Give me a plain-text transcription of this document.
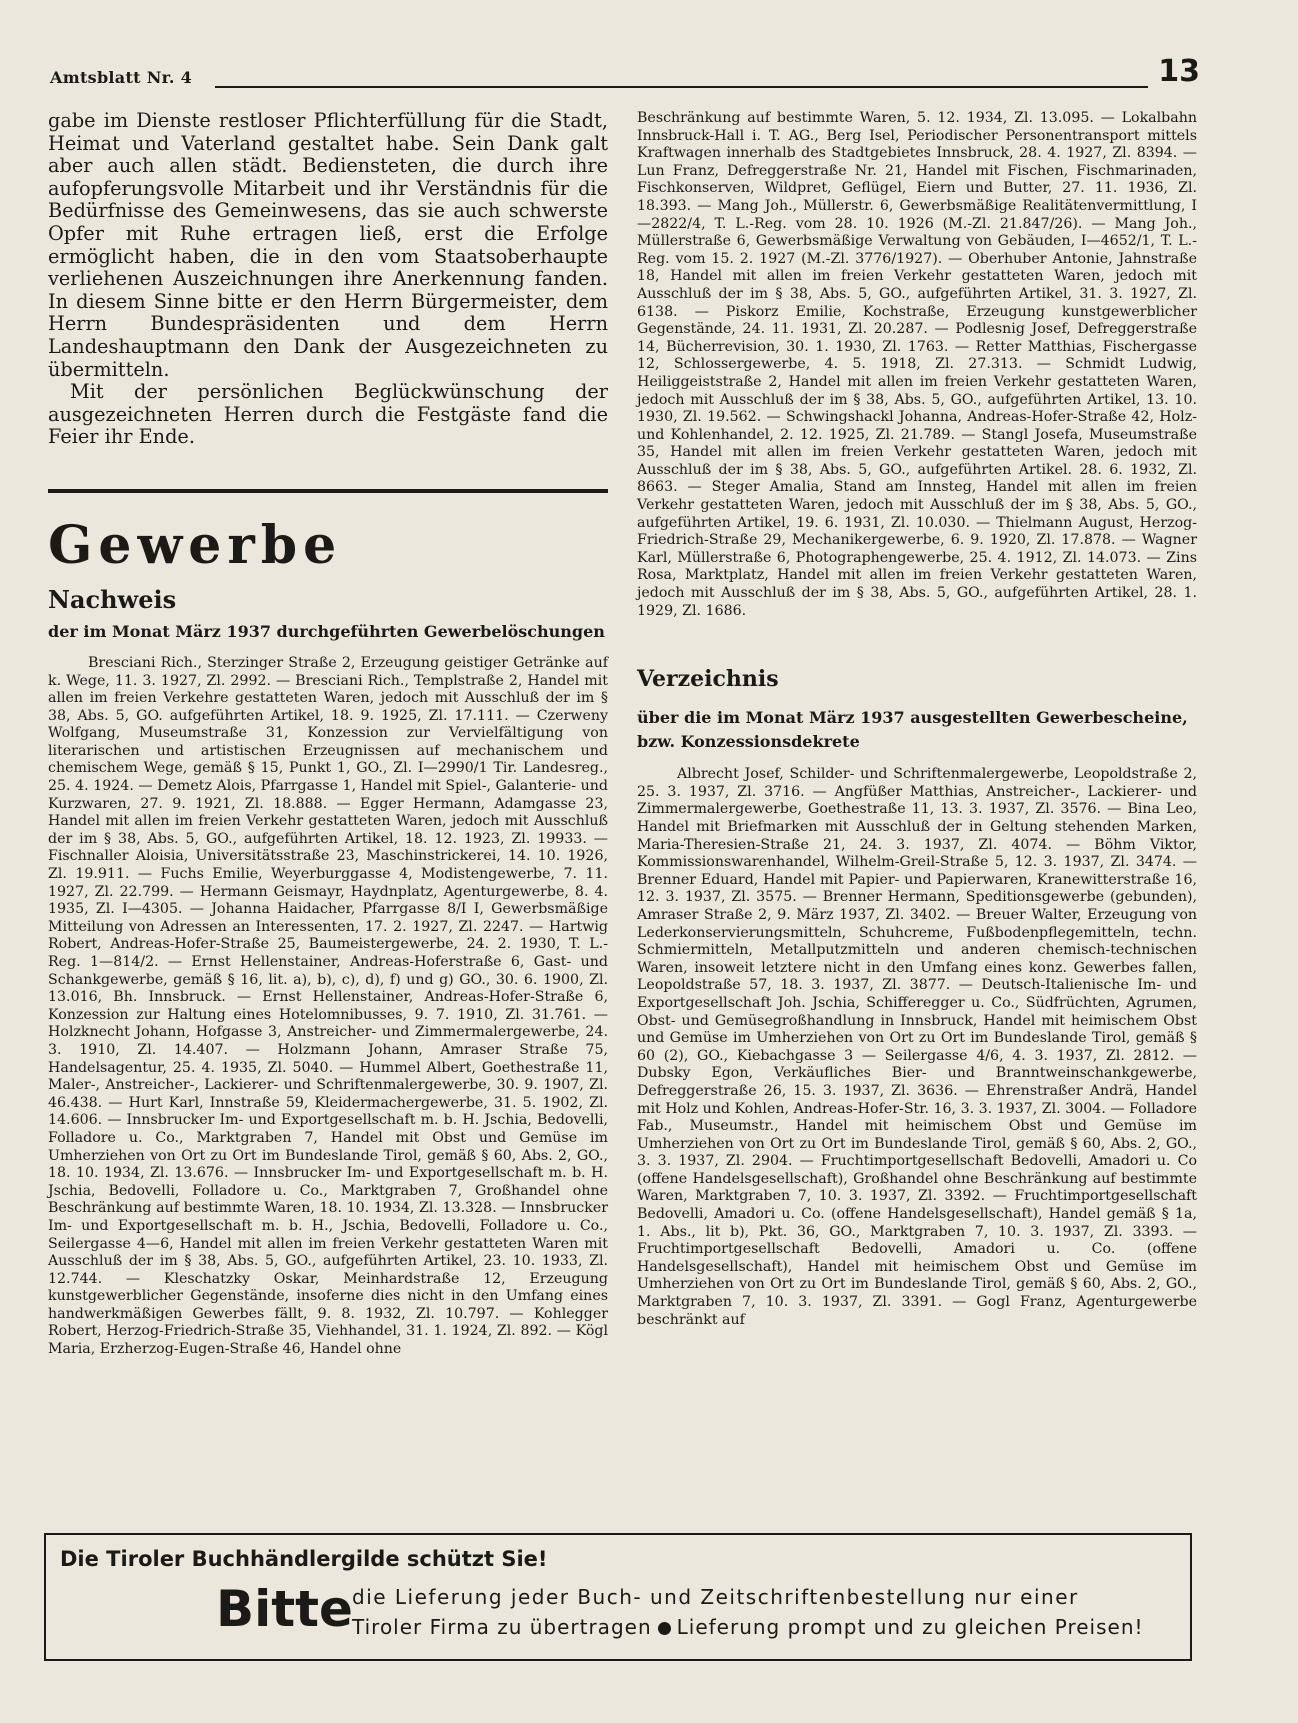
Amtsblatt Nr. 4	13

gabe im Dienste restloser Pflichterfüllung für die Stadt, Heimat und Vaterland gestaltet habe. Sein Dank galt aber auch allen städt. Bediensteten, die durch ihre aufopferungsvolle Mitarbeit und ihr Verständnis für die Bedürfnisse des Gemeinwesens, das sie auch schwerste Opfer mit Ruhe ertragen ließ, erst die Erfolge ermöglicht haben, die in den vom Staatsoberhaupte verliehenen Auszeichnungen ihre Anerkennung fanden. In diesem Sinne bitte er den Herrn Bürgermeister, dem Herrn Bundespräsidenten und dem Herrn Landeshauptmann den Dank der Ausgezeichneten zu übermitteln.

Mit der persönlichen Beglückwünschung der ausgezeichneten Herren durch die Festgäste fand die Feier ihr Ende.

Gewerbe
Nachweis
der im Monat März 1937 durchgeführten Gewerbelöschungen

Bresciani Rich., Sterzinger Straße 2, Erzeugung geistiger Getränke auf k. Wege, 11. 3. 1927, Zl. 2992. — Bresciani Rich., Templstraße 2, Handel mit allen im freien Verkehre gestatteten Waren, jedoch mit Ausschluß der im § 38, Abs. 5, GO. aufgeführten Artikel, 18. 9. 1925, Zl. 17.111. — Czerweny Wolfgang, Museumstraße 31, Konzession zur Vervielfältigung von literarischen und artistischen Erzeugnissen auf mechanischem und chemischem Wege, gemäß § 15, Punkt 1, GO., Zl. I—2990/1 Tir. Landesreg., 25. 4. 1924. — Demetz Alois, Pfarrgasse 1, Handel mit Spiel-, Galanterie- und Kurzwaren, 27. 9. 1921, Zl. 18.888. — Egger Hermann, Adamgasse 23, Handel mit allen im freien Verkehr gestatteten Waren, jedoch mit Ausschluß der im § 38, Abs. 5, GO., aufgeführten Artikel, 18. 12. 1923, Zl. 19933. — Fischnaller Aloisia, Universitätsstraße 23, Maschinstrickerei, 14. 10. 1926, Zl. 19.911. — Fuchs Emilie, Weyerburggasse 4, Modistengewerbe, 7. 11. 1927, Zl. 22.799. — Hermann Geismayr, Haydnplatz, Agenturgewerbe, 8. 4. 1935, Zl. I—4305. — Johanna Haidacher, Pfarrgasse 8/I I, Gewerbsmäßige Mitteilung von Adressen an Interessenten, 17. 2. 1927, Zl. 2247. — Hartwig Robert, Andreas-Hofer-Straße 25, Baumeistergewerbe, 24. 2. 1930, T. L.-Reg. 1—814/2. — Ernst Hellenstainer, Andreas-Hoferstraße 6, Gast- und Schankgewerbe, gemäß § 16, lit. a), b), c), d), f) und g) GO., 30. 6. 1900, Zl. 13.016, Bh. Innsbruck. — Ernst Hellenstainer, Andreas-Hofer-Straße 6, Konzession zur Haltung eines Hotelomnibusses, 9. 7. 1910, Zl. 31.761. — Holzknecht Johann, Hofgasse 3, Anstreicher- und Zimmermalergewerbe, 24. 3. 1910, Zl. 14.407. — Holzmann Johann, Amraser Straße 75, Handelsagentur, 25. 4. 1935, Zl. 5040. — Hummel Albert, Goethestraße 11, Maler-, Anstreicher-, Lackierer- und Schriftenmalergewerbe, 30. 9. 1907, Zl. 46.438. — Hurt Karl, Innstraße 59, Kleidermachergewerbe, 31. 5. 1902, Zl. 14.606. — Innsbrucker Im- und Exportgesellschaft m. b. H. Jschia, Bedovelli, Folladore u. Co., Marktgraben 7, Handel mit Obst und Gemüse im Umherziehen von Ort zu Ort im Bundeslande Tirol, gemäß § 60, Abs. 2, GO., 18. 10. 1934, Zl. 13.676. — Innsbrucker Im- und Exportgesellschaft m. b. H. Jschia, Bedovelli, Folladore u. Co., Marktgraben 7, Großhandel ohne Beschränkung auf bestimmte Waren, 18. 10. 1934, Zl. 13.328. — Innsbrucker Im- und Exportgesellschaft m. b. H., Jschia, Bedovelli, Folladore u. Co., Seilergasse 4—6, Handel mit allen im freien Verkehr gestatteten Waren mit Ausschluß der im § 38, Abs. 5, GO., aufgeführten Artikel, 23. 10. 1933, Zl. 12.744. — Kleschatzky Oskar, Meinhardstraße 12, Erzeugung kunstgewerblicher Gegenstände, insoferne dies nicht in den Umfang eines handwerkmäßigen Gewerbes fällt, 9. 8. 1932, Zl. 10.797. — Kohlegger Robert, Herzog-Friedrich-Straße 35, Viehhandel, 31. 1. 1924, Zl. 892. — Kögl Maria, Erzherzog-Eugen-Straße 46, Handel ohne

Beschränkung auf bestimmte Waren, 5. 12. 1934, Zl. 13.095. — Lokalbahn Innsbruck-Hall i. T. AG., Berg Isel, Periodischer Personentransport mittels Kraftwagen innerhalb des Stadtgebietes Innsbruck, 28. 4. 1927, Zl. 8394. — Lun Franz, Defreggerstraße Nr. 21, Handel mit Fischen, Fischmarinaden, Fischkonserven, Wildpret, Geflügel, Eiern und Butter, 27. 11. 1936, Zl. 18.393. — Mang Joh., Müllerstr. 6, Gewerbsmäßige Realitätenvermittlung, I—2822/4, T. L.-Reg. vom 28. 10. 1926 (M.-Zl. 21.847/26). — Mang Joh., Müllerstraße 6, Gewerbsmäßige Verwaltung von Gebäuden, I—4652/1, T. L.-Reg. vom 15. 2. 1927 (M.-Zl. 3776/1927). — Oberhuber Antonie, Jahnstraße 18, Handel mit allen im freien Verkehr gestatteten Waren, jedoch mit Ausschluß der im § 38, Abs. 5, GO., aufgeführten Artikel, 31. 3. 1927, Zl. 6138. — Piskorz Emilie, Kochstraße, Erzeugung kunstgewerblicher Gegenstände, 24. 11. 1931, Zl. 20.287. — Podlesnig Josef, Defreggerstraße 14, Bücherrevision, 30. 1. 1930, Zl. 1763. — Retter Matthias, Fischergasse 12, Schlossergewerbe, 4. 5. 1918, Zl. 27.313. — Schmidt Ludwig, Heiliggeiststraße 2, Handel mit allen im freien Verkehr gestatteten Waren, jedoch mit Ausschluß der im § 38, Abs. 5, GO., aufgeführten Artikel, 13. 10. 1930, Zl. 19.562. — Schwingshackl Johanna, Andreas-Hofer-Straße 42, Holz- und Kohlenhandel, 2. 12. 1925, Zl. 21.789. — Stangl Josefa, Museumstraße 35, Handel mit allen im freien Verkehr gestatteten Waren, jedoch mit Ausschluß der im § 38, Abs. 5, GO., aufgeführten Artikel. 28. 6. 1932, Zl. 8663. — Steger Amalia, Stand am Innsteg, Handel mit allen im freien Verkehr gestatteten Waren, jedoch mit Ausschluß der im § 38, Abs. 5, GO., aufgeführten Artikel, 19. 6. 1931, Zl. 10.030. — Thielmann August, Herzog-Friedrich-Straße 29, Mechanikergewerbe, 6. 9. 1920, Zl. 17.878. — Wagner Karl, Müllerstraße 6, Photographengewerbe, 25. 4. 1912, Zl. 14.073. — Zins Rosa, Marktplatz, Handel mit allen im freien Verkehr gestatteten Waren, jedoch mit Ausschluß der im § 38, Abs. 5, GO., aufgeführten Artikel, 28. 1. 1929, Zl. 1686.

Verzeichnis
über die im Monat März 1937 ausgestellten Gewerbescheine, bzw. Konzessionsdekrete

Albrecht Josef, Schilder- und Schriftenmalergewerbe, Leopoldstraße 2, 25. 3. 1937, Zl. 3716. — Angfüßer Matthias, Anstreicher-, Lackierer- und Zimmermalergewerbe, Goethestraße 11, 13. 3. 1937, Zl. 3576. — Bina Leo, Handel mit Briefmarken mit Ausschluß der in Geltung stehenden Marken, Maria-Theresien-Straße 21, 24. 3. 1937, Zl. 4074. — Böhm Viktor, Kommissionswarenhandel, Wilhelm-Greil-Straße 5, 12. 3. 1937, Zl. 3474. — Brenner Eduard, Handel mit Papier- und Papierwaren, Kranewitterstraße 16, 12. 3. 1937, Zl. 3575. — Brenner Hermann, Speditionsgewerbe (gebunden), Amraser Straße 2, 9. März 1937, Zl. 3402. — Breuer Walter, Erzeugung von Lederkonservierungsmitteln, Schuhcreme, Fußbodenpflegemitteln, techn. Schmiermitteln, Metallputzmitteln und anderen chemisch-technischen Waren, insoweit letztere nicht in den Umfang eines konz. Gewerbes fallen, Leopoldstraße 57, 18. 3. 1937, Zl. 3877. — Deutsch-Italienische Im- und Exportgesellschaft Joh. Jschia, Schifferegger u. Co., Südfrüchten, Agrumen, Obst- und Gemüsegroßhandlung in Innsbruck, Handel mit heimischem Obst und Gemüse im Umherziehen von Ort zu Ort im Bundeslande Tirol, gemäß § 60 (2), GO., Kiebachgasse 3 — Seilergasse 4/6, 4. 3. 1937, Zl. 2812. — Dubsky Egon, Verkäufliches Bier- und Branntweinschankgewerbe, Defreggerstraße 26, 15. 3. 1937, Zl. 3636. — Ehrenstraßer Andrä, Handel mit Holz und Kohlen, Andreas-Hofer-Str. 16, 3. 3. 1937, Zl. 3004. — Folladore Fab., Museumstr., Handel mit heimischem Obst und Gemüse im Umherziehen von Ort zu Ort im Bundeslande Tirol, gemäß § 60, Abs. 2, GO., 3. 3. 1937, Zl. 2904. — Fruchtimportgesellschaft Bedovelli, Amadori u. Co (offene Handelsgesellschaft), Großhandel ohne Beschränkung auf bestimmte Waren, Marktgraben 7, 10. 3. 1937, Zl. 3392. — Fruchtimportgesellschaft Bedovelli, Amadori u. Co. (offene Handelsgesellschaft), Handel gemäß § 1a, 1. Abs., lit b), Pkt. 36, GO., Marktgraben 7, 10. 3. 1937, Zl. 3393. — Fruchtimportgesellschaft Bedovelli, Amadori u. Co. (offene Handelsgesellschaft), Handel mit heimischem Obst und Gemüse im Umherziehen von Ort zu Ort im Bundeslande Tirol, gemäß § 60, Abs. 2, GO., Marktgraben 7, 10. 3. 1937, Zl. 3391. — Gogl Franz, Agenturgewerbe beschränkt auf

Die Tiroler Buchhändlergilde schützt Sie!
Bitte die Lieferung jeder Buch- und Zeitschriftenbestellung nur einer
Tiroler Firma zu übertragen Lieferung prompt und zu gleichen Preisen!
